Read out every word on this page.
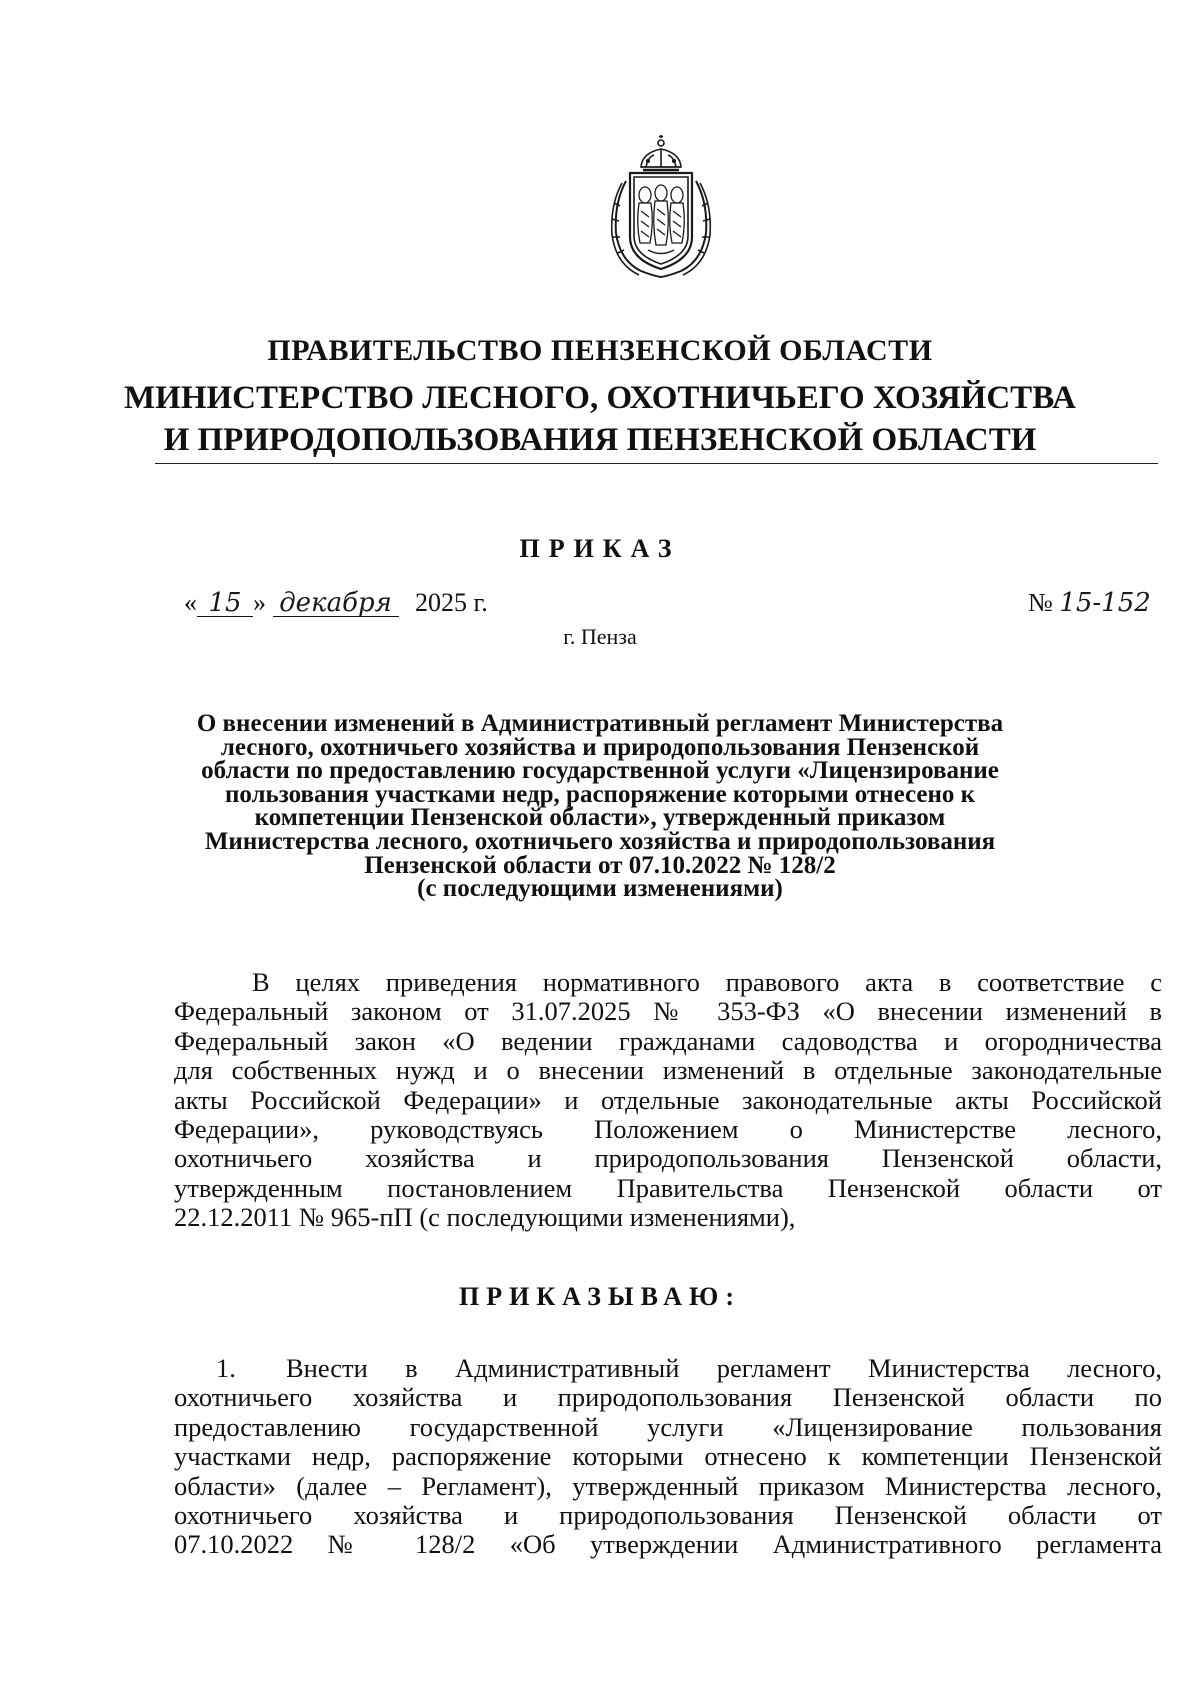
ПРАВИТЕЛЬСТВО ПЕНЗЕНСКОЙ ОБЛАСТИ
МИНИСТЕРСТВО ЛЕСНОГО, ОХОТНИЧЬЕГО ХОЗЯЙСТВА
И ПРИРОДОПОЛЬЗОВАНИЯ ПЕНЗЕНСКОЙ ОБЛАСТИ
ПРИКАЗ
« 15 » декабря 2025 г.	№ 15-152
г. Пенза
О внесении изменений в Административный регламент Министерства
лесного, охотничьего хозяйства и природопользования Пензенской
области по предоставлению государственной услуги «Лицензирование
пользования участками недр, распоряжение которыми отнесено к
компетенции Пензенской области», утвержденный приказом
Министерства лесного, охотничьего хозяйства и природопользования
Пензенской области от 07.10.2022 № 128/2
(с последующими изменениями)
В целях приведения нормативного правового акта в соответствие с
Федеральный законом от 31.07.2025 № 353-ФЗ «О внесении изменений в
Федеральный закон «О ведении гражданами садоводства и огородничества
для собственных нужд и о внесении изменений в отдельные законодательные
акты Российской Федерации» и отдельные законодательные акты Российской
Федерации», руководствуясь Положением о Министерстве лесного,
охотничьего хозяйства и природопользования Пензенской области,
утвержденным постановлением Правительства Пензенской области от
22.12.2011 № 965-пП (с последующими изменениями),
ПРИКАЗЫВАЮ:
1. Внести в Административный регламент Министерства лесного,
охотничьего хозяйства и природопользования Пензенской области по
предоставлению государственной услуги «Лицензирование пользования
участками недр, распоряжение которыми отнесено к компетенции Пензенской
области» (далее – Регламент), утвержденный приказом Министерства лесного,
охотничьего хозяйства и природопользования Пензенской области от
07.10.2022 № 128/2 «Об утверждении Административного регламента
